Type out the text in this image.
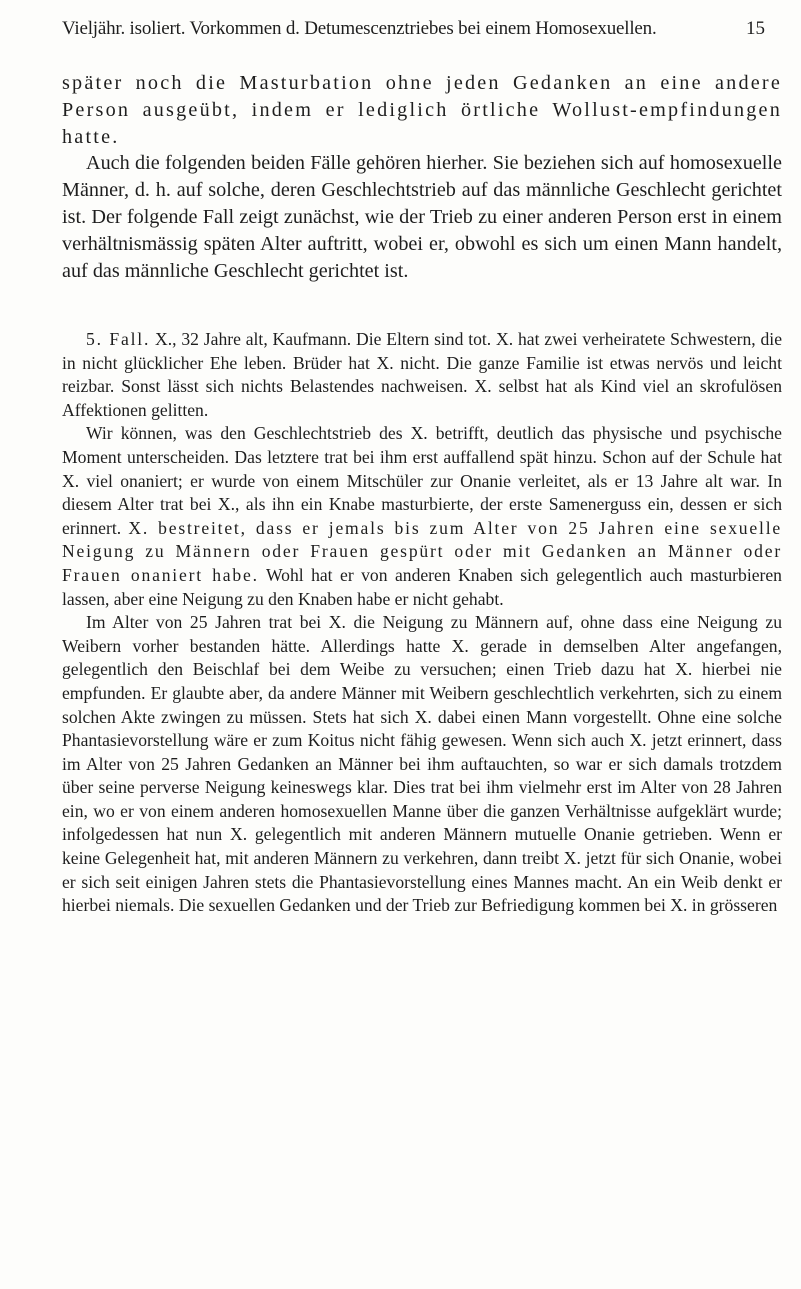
Vieljähr. isoliert. Vorkommen d. Detumescenztriebes bei einem Homosexuellen.	15

später noch die Masturbation ohne jeden Gedanken an eine andere Person ausgeübt, indem er lediglich örtliche Wollust-empfindungen hatte.

Auch die folgenden beiden Fälle gehören hierher. Sie beziehen sich auf homosexuelle Männer, d. h. auf solche, deren Geschlechtstrieb auf das männliche Geschlecht gerichtet ist. Der folgende Fall zeigt zunächst, wie der Trieb zu einer anderen Person erst in einem verhältnismässig späten Alter auftritt, wobei er, obwohl es sich um einen Mann handelt, auf das männliche Geschlecht gerichtet ist.

5. Fall. X., 32 Jahre alt, Kaufmann. Die Eltern sind tot. X. hat zwei verheiratete Schwestern, die in nicht glücklicher Ehe leben. Brüder hat X. nicht. Die ganze Familie ist etwas nervös und leicht reizbar. Sonst lässt sich nichts Belastendes nachweisen. X. selbst hat als Kind viel an skrofulösen Affektionen gelitten.

Wir können, was den Geschlechtstrieb des X. betrifft, deutlich das physische und psychische Moment unterscheiden. Das letztere trat bei ihm erst auffallend spät hinzu. Schon auf der Schule hat X. viel onaniert; er wurde von einem Mitschüler zur Onanie verleitet, als er 13 Jahre alt war. In diesem Alter trat bei X., als ihn ein Knabe masturbierte, der erste Samenerguss ein, dessen er sich erinnert. X. bestreitet, dass er jemals bis zum Alter von 25 Jahren eine sexuelle Neigung zu Männern oder Frauen gespürt oder mit Gedanken an Männer oder Frauen onaniert habe. Wohl hat er von anderen Knaben sich gelegentlich auch masturbieren lassen, aber eine Neigung zu den Knaben habe er nicht gehabt.

Im Alter von 25 Jahren trat bei X. die Neigung zu Männern auf, ohne dass eine Neigung zu Weibern vorher bestanden hätte. Allerdings hatte X. gerade in demselben Alter angefangen, gelegentlich den Beischlaf bei dem Weibe zu versuchen; einen Trieb dazu hat X. hierbei nie empfunden. Er glaubte aber, da andere Männer mit Weibern geschlechtlich verkehrten, sich zu einem solchen Akte zwingen zu müssen. Stets hat sich X. dabei einen Mann vorgestellt. Ohne eine solche Phantasievorstellung wäre er zum Koitus nicht fähig gewesen. Wenn sich auch X. jetzt erinnert, dass im Alter von 25 Jahren Gedanken an Männer bei ihm auftauchten, so war er sich damals trotzdem über seine perverse Neigung keineswegs klar. Dies trat bei ihm vielmehr erst im Alter von 28 Jahren ein, wo er von einem anderen homosexuellen Manne über die ganzen Verhältnisse aufgeklärt wurde; infolgedessen hat nun X. gelegentlich mit anderen Männern mutuelle Onanie getrieben. Wenn er keine Gelegenheit hat, mit anderen Männern zu verkehren, dann treibt X. jetzt für sich Onanie, wobei er sich seit einigen Jahren stets die Phantasievorstellung eines Mannes macht. An ein Weib denkt er hierbei niemals. Die sexuellen Gedanken und der Trieb zur Befriedigung kommen bei X. in grösseren
